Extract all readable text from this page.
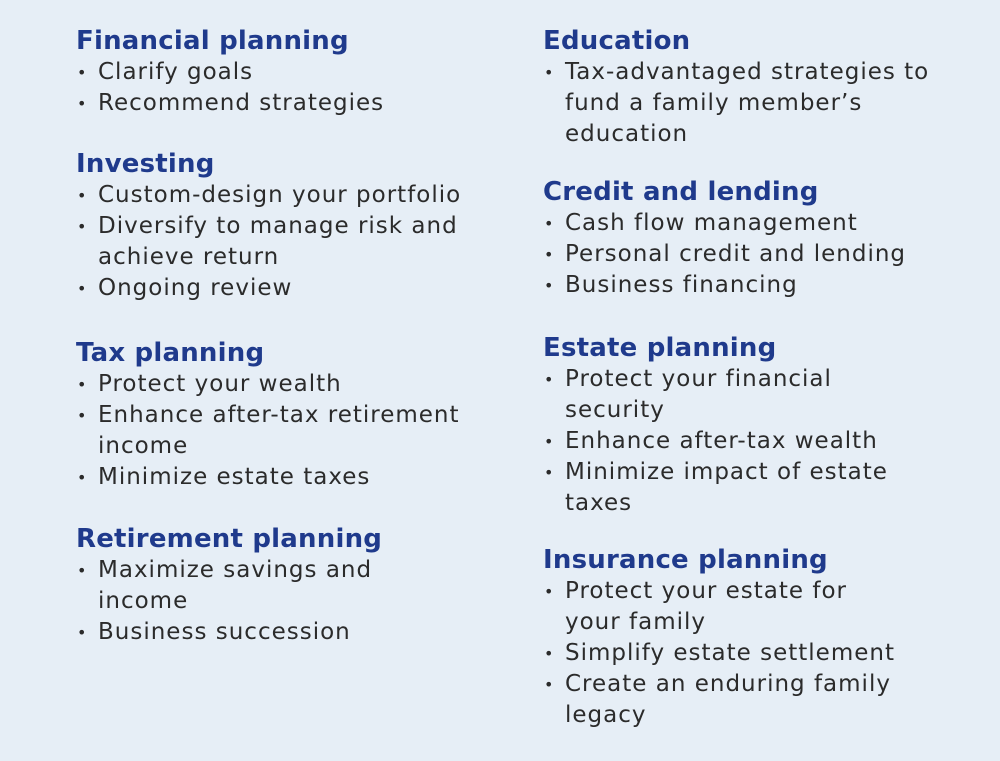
Financial planning
• Clarify goals
• Recommend strategies
Investing
• Custom-design your portfolio
• Diversify to manage risk and
achieve return
• Ongoing review
Tax planning
• Protect your wealth
• Enhance after-tax retirement
income
• Minimize estate taxes
Retirement planning
• Maximize savings and
income
• Business succession
Education
• Tax-advantaged strategies to
fund a family member’s
education
Credit and lending
• Cash flow management
• Personal credit and lending
• Business financing
Estate planning
• Protect your financial
security
• Enhance after-tax wealth
• Minimize impact of estate
taxes
Insurance planning
• Protect your estate for
your family
• Simplify estate settlement
• Create an enduring family
legacy
